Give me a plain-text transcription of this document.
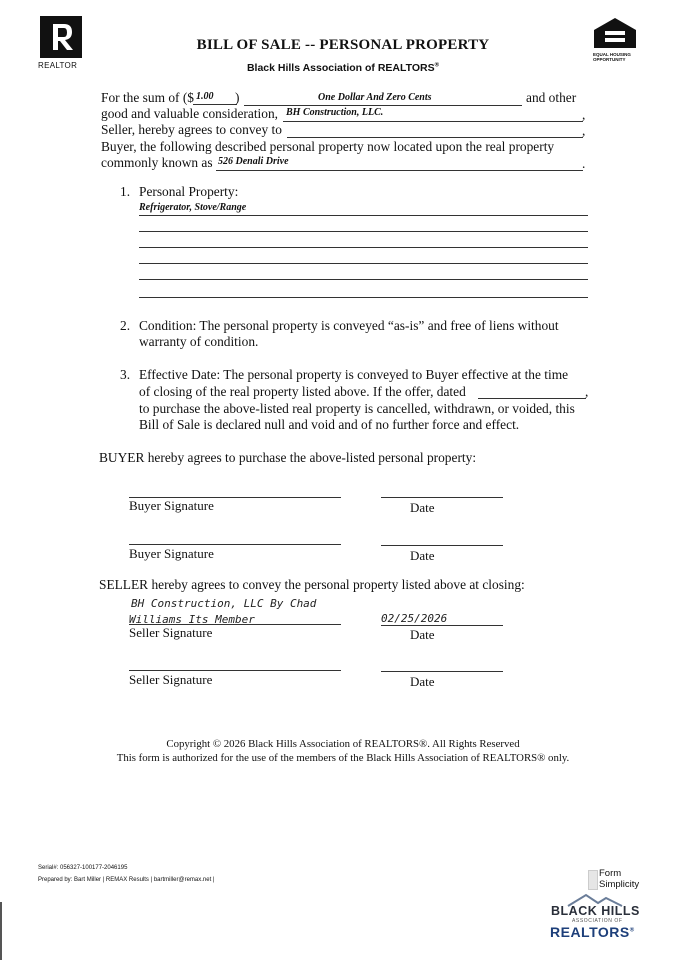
REALTOR
BILL OF SALE -- PERSONAL PROPERTY
Black Hills Association of REALTORS®
EQUAL HOUSING
OPPORTUNITY
For the sum of ($ 1.00 )	One Dollar And Zero Cents	and other
good and valuable consideration, BH Construction, LLC.	,
Seller, hereby agrees to convey to	,
Buyer, the following described personal property now located upon the real property
commonly known as 526 Denali Drive	.
1. Personal Property:
Refrigerator, Stove/Range
2. Condition: The personal property is conveyed “as-is” and free of liens without
warranty of condition.
3. Effective Date: The personal property is conveyed to Buyer effective at the time
of closing of the real property listed above. If the offer, dated	,
to purchase the above-listed real property is cancelled, withdrawn, or voided, this
Bill of Sale is declared null and void and of no further force and effect.
BUYER hereby agrees to purchase the above-listed personal property:
Buyer Signature	Date
Buyer Signature	Date
SELLER hereby agrees to convey the personal property listed above at closing:
BH Construction, LLC By Chad
Williams Its Member	02/25/2026
Seller Signature	Date
Seller Signature	Date
Copyright © 2026 Black Hills Association of REALTORS®. All Rights Reserved
This form is authorized for the use of the members of the Black Hills Association of REALTORS® only.
Serial#: 056327-100177-2046195
Prepared by: Bart Miller | REMAX Results | bartmiller@remax.net |
Form
Simplicity
BLACK HILLS
ASSOCIATION OF
REALTORS®
